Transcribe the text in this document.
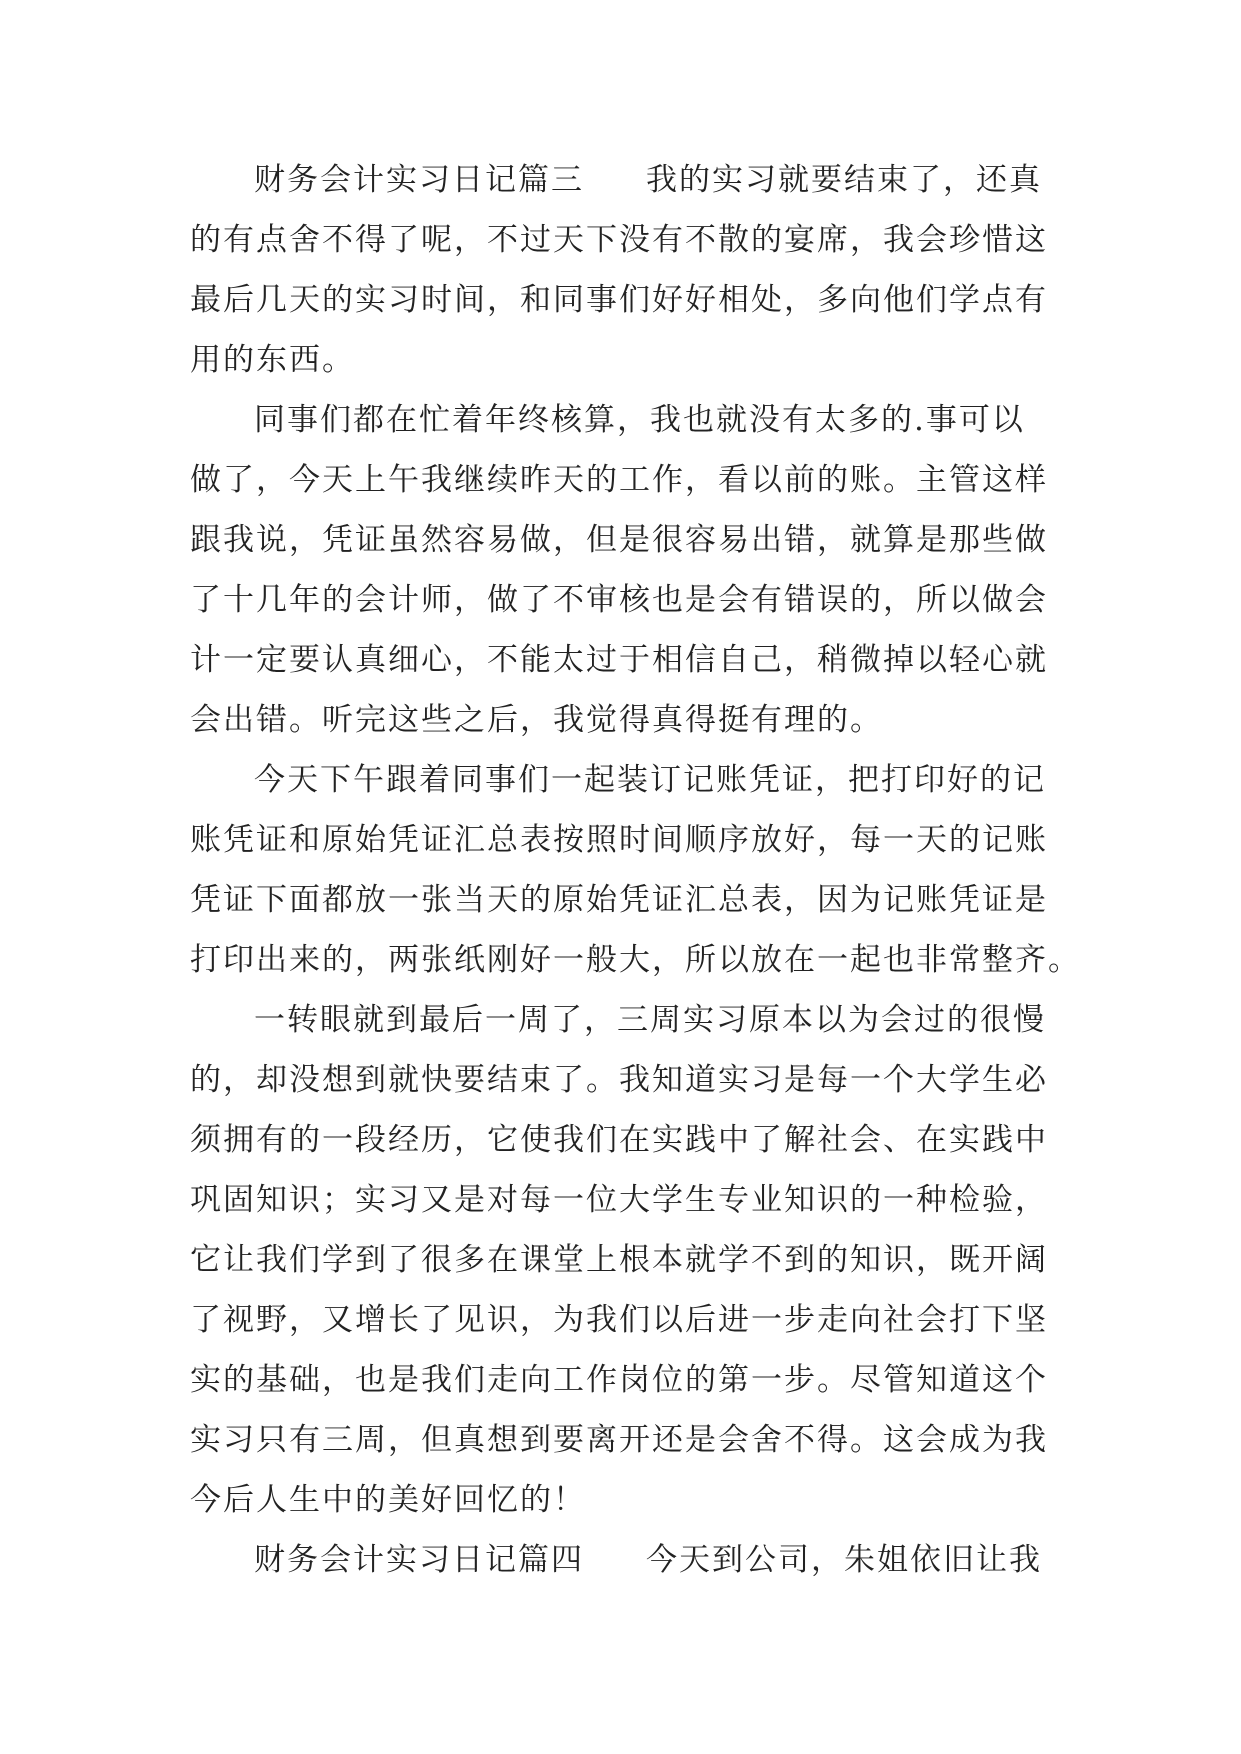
财务会计实习日记篇三 我的实习就要结束了，还真
的有点舍不得了呢，不过天下没有不散的宴席，我会珍惜这
最后几天的实习时间，和同事们好好相处，多向他们学点有
用的东西。
同事们都在忙着年终核算，我也就没有太多的.事可以
做了，今天上午我继续昨天的工作，看以前的账。主管这样
跟我说，凭证虽然容易做，但是很容易出错，就算是那些做
了十几年的会计师，做了不审核也是会有错误的，所以做会
计一定要认真细心，不能太过于相信自己，稍微掉以轻心就
会出错。听完这些之后，我觉得真得挺有理的。
今天下午跟着同事们一起装订记账凭证，把打印好的记
账凭证和原始凭证汇总表按照时间顺序放好，每一天的记账
凭证下面都放一张当天的原始凭证汇总表，因为记账凭证是
打印出来的，两张纸刚好一般大，所以放在一起也非常整齐。
一转眼就到最后一周了，三周实习原本以为会过的很慢
的，却没想到就快要结束了。我知道实习是每一个大学生必
须拥有的一段经历，它使我们在实践中了解社会、在实践中
巩固知识；实习又是对每一位大学生专业知识的一种检验，
它让我们学到了很多在课堂上根本就学不到的知识，既开阔
了视野，又增长了见识，为我们以后进一步走向社会打下坚
实的基础，也是我们走向工作岗位的第一步。尽管知道这个
实习只有三周，但真想到要离开还是会舍不得。这会成为我
今后人生中的美好回忆的！
财务会计实习日记篇四 今天到公司，朱姐依旧让我
